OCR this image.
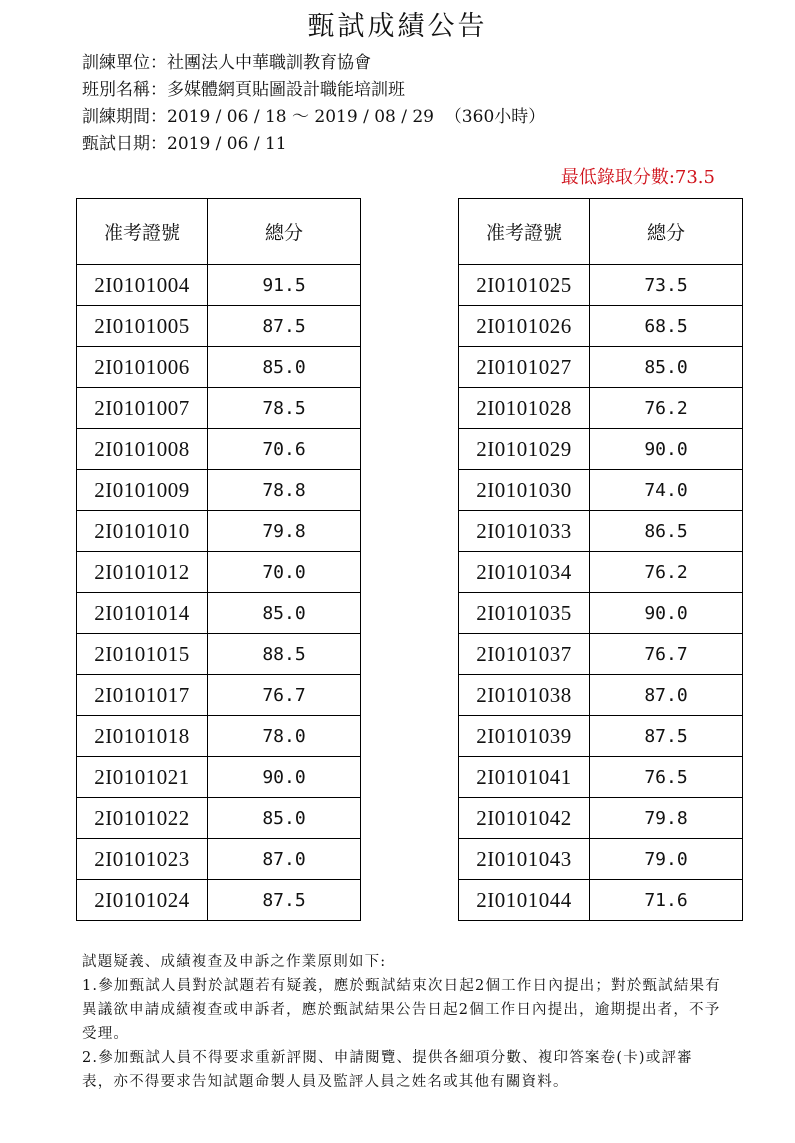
甄試成績公告
訓練單位：社團法人中華職訓教育協會
班別名稱：多媒體網頁貼圖設計職能培訓班
訓練期間：2019 / 06 / 18 ～ 2019 / 08 / 29  （360小時）
甄試日期：2019 / 06 / 11
最低錄取分數:73.5
准考證號	總分
2I0101004	91.5
2I0101005	87.5
2I0101006	85.0
2I0101007	78.5
2I0101008	70.6
2I0101009	78.8
2I0101010	79.8
2I0101012	70.0
2I0101014	85.0
2I0101015	88.5
2I0101017	76.7
2I0101018	78.0
2I0101021	90.0
2I0101022	85.0
2I0101023	87.0
2I0101024	87.5
准考證號	總分
2I0101025	73.5
2I0101026	68.5
2I0101027	85.0
2I0101028	76.2
2I0101029	90.0
2I0101030	74.0
2I0101033	86.5
2I0101034	76.2
2I0101035	90.0
2I0101037	76.7
2I0101038	87.0
2I0101039	87.5
2I0101041	76.5
2I0101042	79.8
2I0101043	79.0
2I0101044	71.6

試題疑義、成績複查及申訴之作業原則如下:

1.參加甄試人員對於試題若有疑義，應於甄試結束次日起2個工作日內提出；對於甄試結果有異議欲申請成績複查或申訴者，應於甄試結果公告日起2個工作日內提出，逾期提出者，不予受理。

2.參加甄試人員不得要求重新評閱、申請閱覽、提供各細項分數、複印答案卷(卡)或評審表，亦不得要求告知試題命製人員及監評人員之姓名或其他有關資料。
